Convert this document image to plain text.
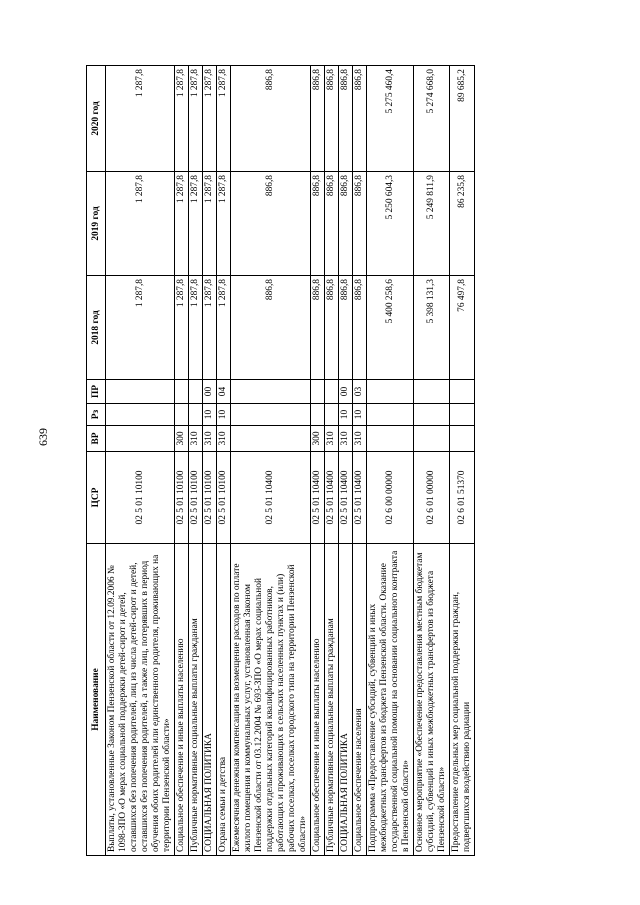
639
Наименование	ЦСР	ВР	Рз	ПР	2018 год	2019 год	2020 год
Выплаты, установленные Законом Пензенской области от 12.09.2006 № 1098-ЗПО «О мерах социальной поддержки детей-сирот и детей, оставшихся без попечения родителей, лиц из числа детей-сирот и детей, оставшихся без попечения родителей, а также лиц, потерявших в период обучения обоих родителей или единственного родителя, проживающих на территории Пензенской области»	02 5 01 10100				1 287,8	1 287,8	1 287,8
Социальное обеспечение и иные выплаты населению	02 5 01 10100	300			1 287,8	1 287,8	1 287,8
Публичные нормативные социальные выплаты гражданам	02 5 01 10100	310			1 287,8	1 287,8	1 287,8
СОЦИАЛЬНАЯ ПОЛИТИКА	02 5 01 10100	310	10	00	1 287,8	1 287,8	1 287,8
Охрана семьи и детства	02 5 01 10100	310	10	04	1 287,8	1 287,8	1 287,8
Ежемесячная денежная компенсация на возмещение расходов по оплате жилого помещения и коммунальных услуг, установленная Законом Пензенской области от 03.12.2004 № 693-ЗПО «О мерах социальной поддержки отдельных категорий квалифицированных работников, работающих и проживающих в сельских населенных пунктах и (или) рабочих поселках, поселках городского типа на территории Пензенской области»	02 5 01 10400				886,8	886,8	886,8
Социальное обеспечение и иные выплаты населению	02 5 01 10400	300			886,8	886,8	886,8
Публичные нормативные социальные выплаты гражданам	02 5 01 10400	310			886,8	886,8	886,8
СОЦИАЛЬНАЯ ПОЛИТИКА	02 5 01 10400	310	10	00	886,8	886,8	886,8
Социальное обеспечение населения	02 5 01 10400	310	10	03	886,8	886,8	886,8
Подпрограмма «Предоставление субсидий, субвенций и иных межбюджетных трансфертов из бюджета Пензенской области. Оказание государственной социальной помощи на основании социального контракта в Пензенской области»	02 6 00 00000				5 400 258,6	5 250 604,3	5 275 460,4
Основное мероприятие «Обеспечение предоставления местным бюджетам субсидий, субвенций и иных межбюджетных трансфертов из бюджета Пензенской области»	02 6 01 00000				5 398 131,3	5 249 811,9	5 274 668,0
Предоставление отдельных мер социальной поддержки граждан, подвергшихся воздействию радиации	02 6 01 51370				76 497,8	86 235,8	89 685,2
